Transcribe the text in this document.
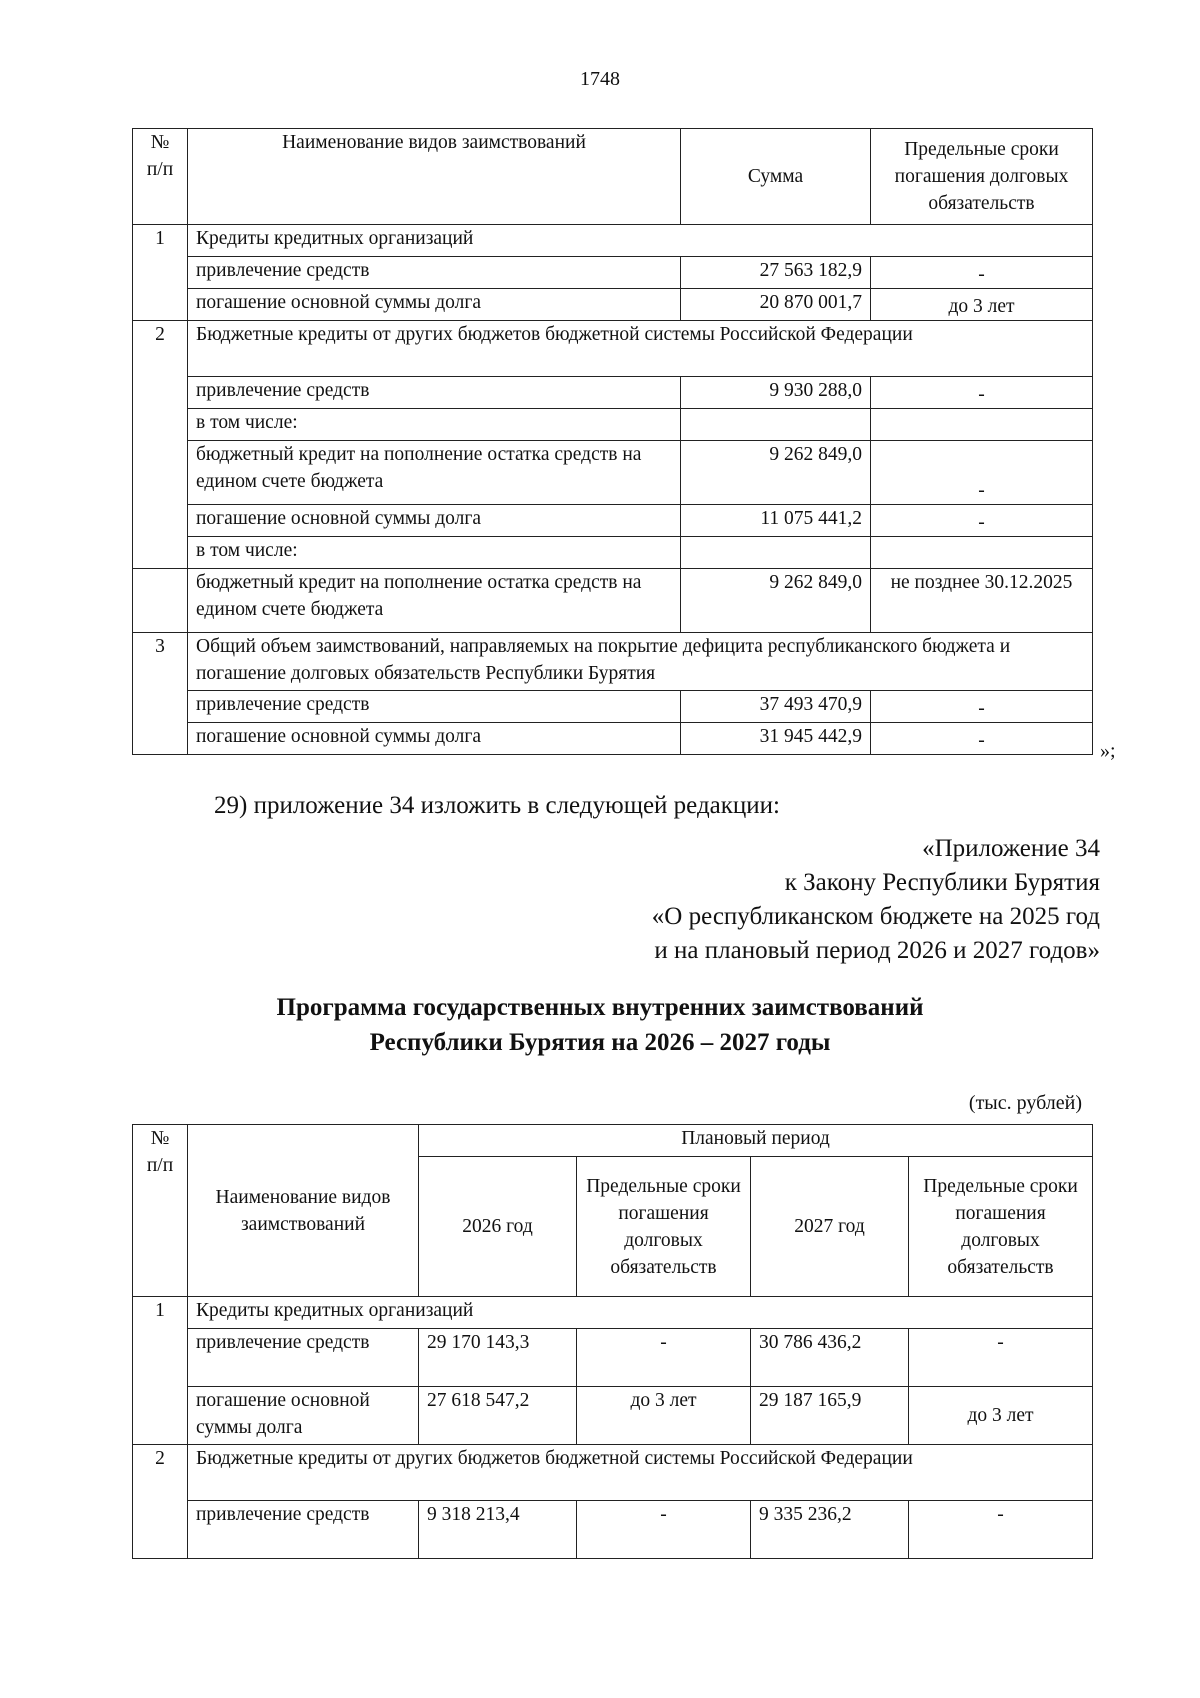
1748
№ п/п	Наименование видов заимствований	Сумма	Предельные сроки погашения долговых обязательств
1	Кредиты кредитных организаций		
	привлечение средств	27 563 182,9	-
	погашение основной суммы долга	20 870 001,7	до 3 лет
2	Бюджетные кредиты от других бюджетов бюджетной системы Российской Федерации		
	привлечение средств	9 930 288,0	-
	в том числе:		
	бюджетный кредит на пополнение остатка средств на едином счете бюджета	9 262 849,0	-
	погашение основной суммы долга	11 075 441,2	-
	в том числе:		
	бюджетный кредит на пополнение остатка средств на едином счете бюджета	9 262 849,0	не позднее 30.12.2025
3	Общий объем заимствований, направляемых на покрытие дефицита республиканского бюджета и погашение долговых обязательств Республики Бурятия		
	привлечение средств	37 493 470,9	-
	погашение основной суммы долга	31 945 442,9	-	»;
29) приложение 34 изложить в следующей редакции:
«Приложение 34
к Закону Республики Бурятия
«О республиканском бюджете на 2025 год
и на плановый период 2026 и 2027 годов»
Программа государственных внутренних заимствований
Республики Бурятия на 2026 – 2027 годы
(тыс. рублей)
№ п/п	Наименование видов заимствований	Плановый период			
		2026 год	Предельные сроки погашения долговых обязательств	2027 год	Предельные сроки погашения долговых обязательств
1	Кредиты кредитных организаций				
	привлечение средств	29 170 143,3	-	30 786 436,2	-
	погашение основной суммы долга	27 618 547,2	до 3 лет	29 187 165,9	до 3 лет
2	Бюджетные кредиты от других бюджетов бюджетной системы Российской Федерации				
	привлечение средств	9 318 213,4	-	9 335 236,2	-
